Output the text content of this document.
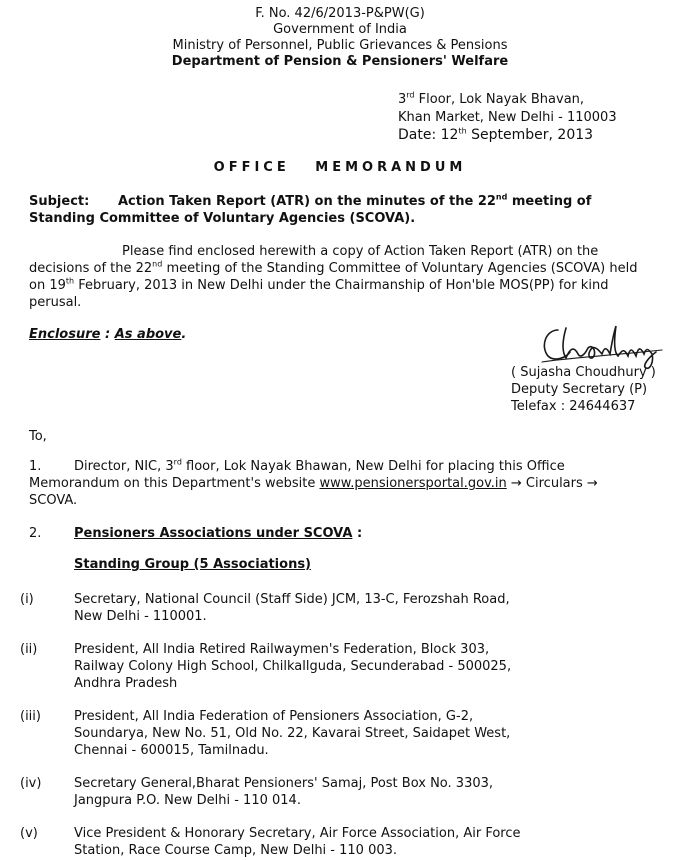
F. No. 42/6/2013-P&PW(G)
Government of India
Ministry of Personnel, Public Grievances & Pensions
Department of Pension & Pensioners' Welfare
3rd Floor, Lok Nayak Bhavan,
Khan Market, New Delhi - 110003
Date: 12th September, 2013
OFFICE   MEMORANDUM
Subject: Action Taken Report (ATR) on the minutes of the 22nd meeting of
Standing Committee of Voluntary Agencies (SCOVA).
Please find enclosed herewith a copy of Action Taken Report (ATR) on the
decisions of the 22nd meeting of the Standing Committee of Voluntary Agencies (SCOVA) held
on 19th February, 2013 in New Delhi under the Chairmanship of Hon'ble MOS(PP) for kind
perusal.
Enclosure : As above.
( Sujasha Choudhury )
Deputy Secretary (P)
Telefax : 24644637
To,
1.	Director, NIC, 3rd floor, Lok Nayak Bhawan, New Delhi for placing this Office
Memorandum on this Department's website www.pensionersportal.gov.in → Circulars →
SCOVA.
2.	Pensioners Associations under SCOVA :
Standing Group (5 Associations)
(i)	Secretary, National Council (Staff Side) JCM, 13-C, Ferozshah Road,
New Delhi - 110001.
(ii)	President, All India Retired Railwaymen's Federation, Block 303,
Railway Colony High School, Chilkallguda, Secunderabad - 500025,
Andhra Pradesh
(iii)	President, All India Federation of Pensioners Association, G-2,
Soundarya, New No. 51, Old No. 22, Kavarai Street, Saidapet West,
Chennai - 600015, Tamilnadu.
(iv)	Secretary General,Bharat Pensioners' Samaj, Post Box No. 3303,
Jangpura P.O. New Delhi - 110 014.
(v)	Vice President & Honorary Secretary, Air Force Association, Air Force
Station, Race Course Camp, New Delhi - 110 003.
